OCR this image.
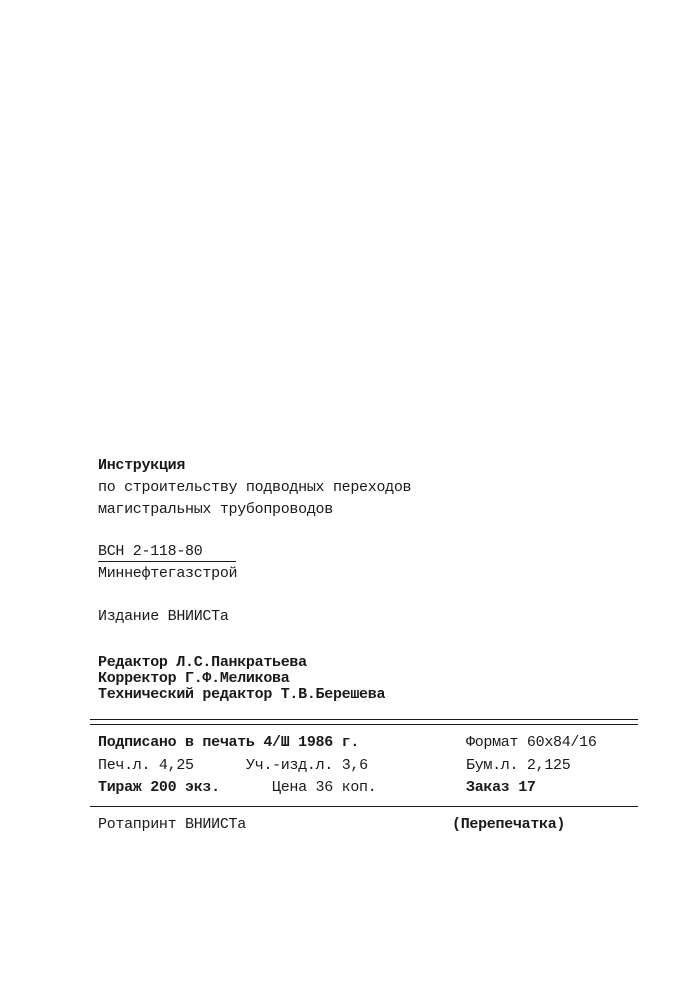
Инструкция
по строительству подводных переходов
магистральных трубопроводов
ВСН 2-118-80
Миннефтегазстрой
Издание ВНИИСТа
Редактор Л.С.Панкратьева
Корректор Г.Ф.Меликова
Технический редактор Т.В.Берешева
Подписано в печать 4/Ш 1986 г.	Формат 60x84/16
Печ.л. 4,25	Уч.-изд.л. 3,6	Бум.л. 2,125
Тираж 200 экз.	Цена 36 коп.	Заказ 17
Ротапринт ВНИИСТа	(Перепечатка)
